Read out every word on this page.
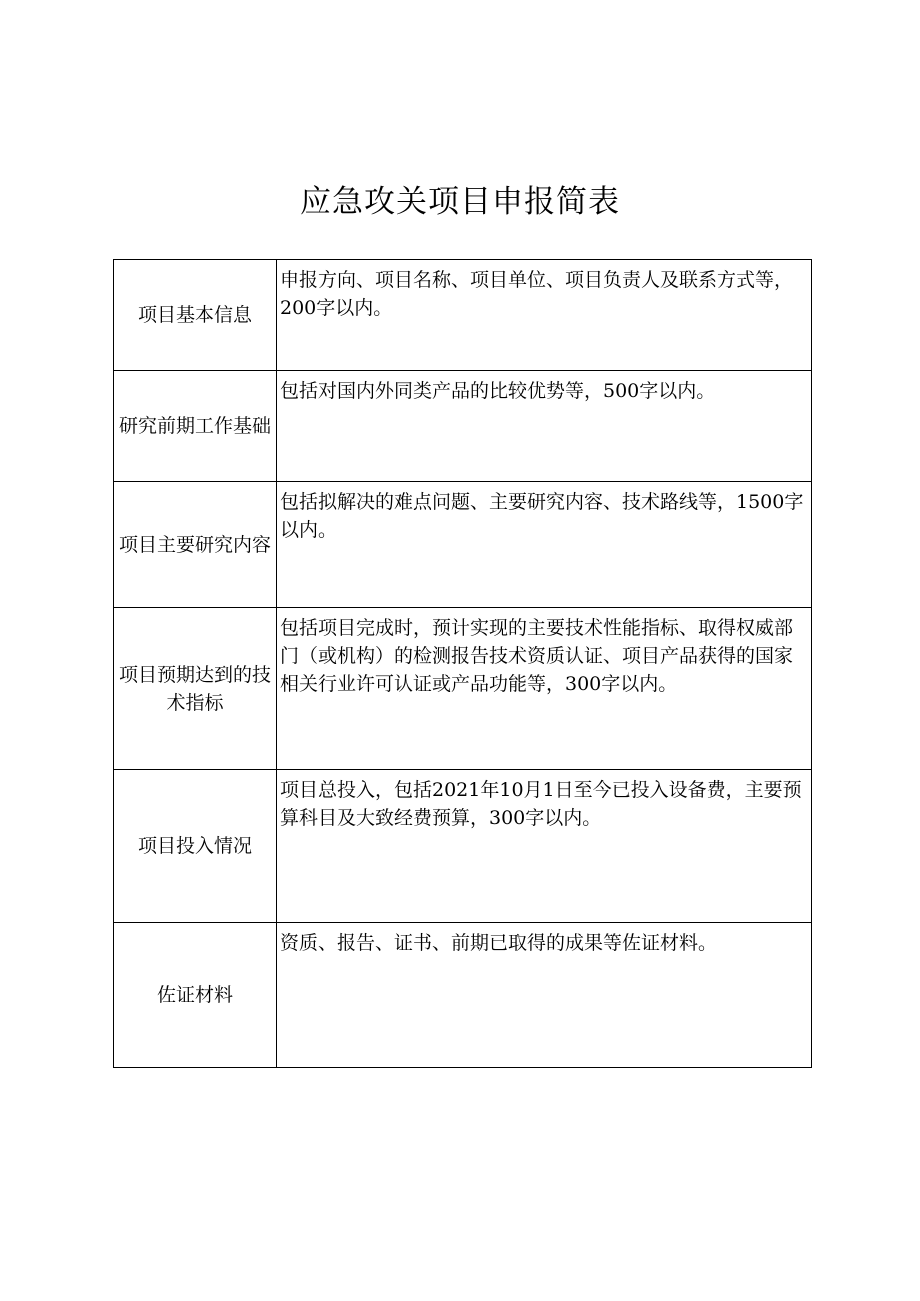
应急攻关项目申报简表
项目基本信息	申报方向、项目名称、项目单位、项目负责人及联系方式等，200字以内。
研究前期工作基础	包括对国内外同类产品的比较优势等，500字以内。
项目主要研究内容	包括拟解决的难点问题、主要研究内容、技术路线等，1500字以内。
项目预期达到的技术指标	包括项目完成时，预计实现的主要技术性能指标、取得权威部门（或机构）的检测报告技术资质认证、项目产品获得的国家相关行业许可认证或产品功能等，300字以内。
项目投入情况	项目总投入，包括2021年10月1日至今已投入设备费，主要预算科目及大致经费预算，300字以内。
佐证材料	资质、报告、证书、前期已取得的成果等佐证材料。
